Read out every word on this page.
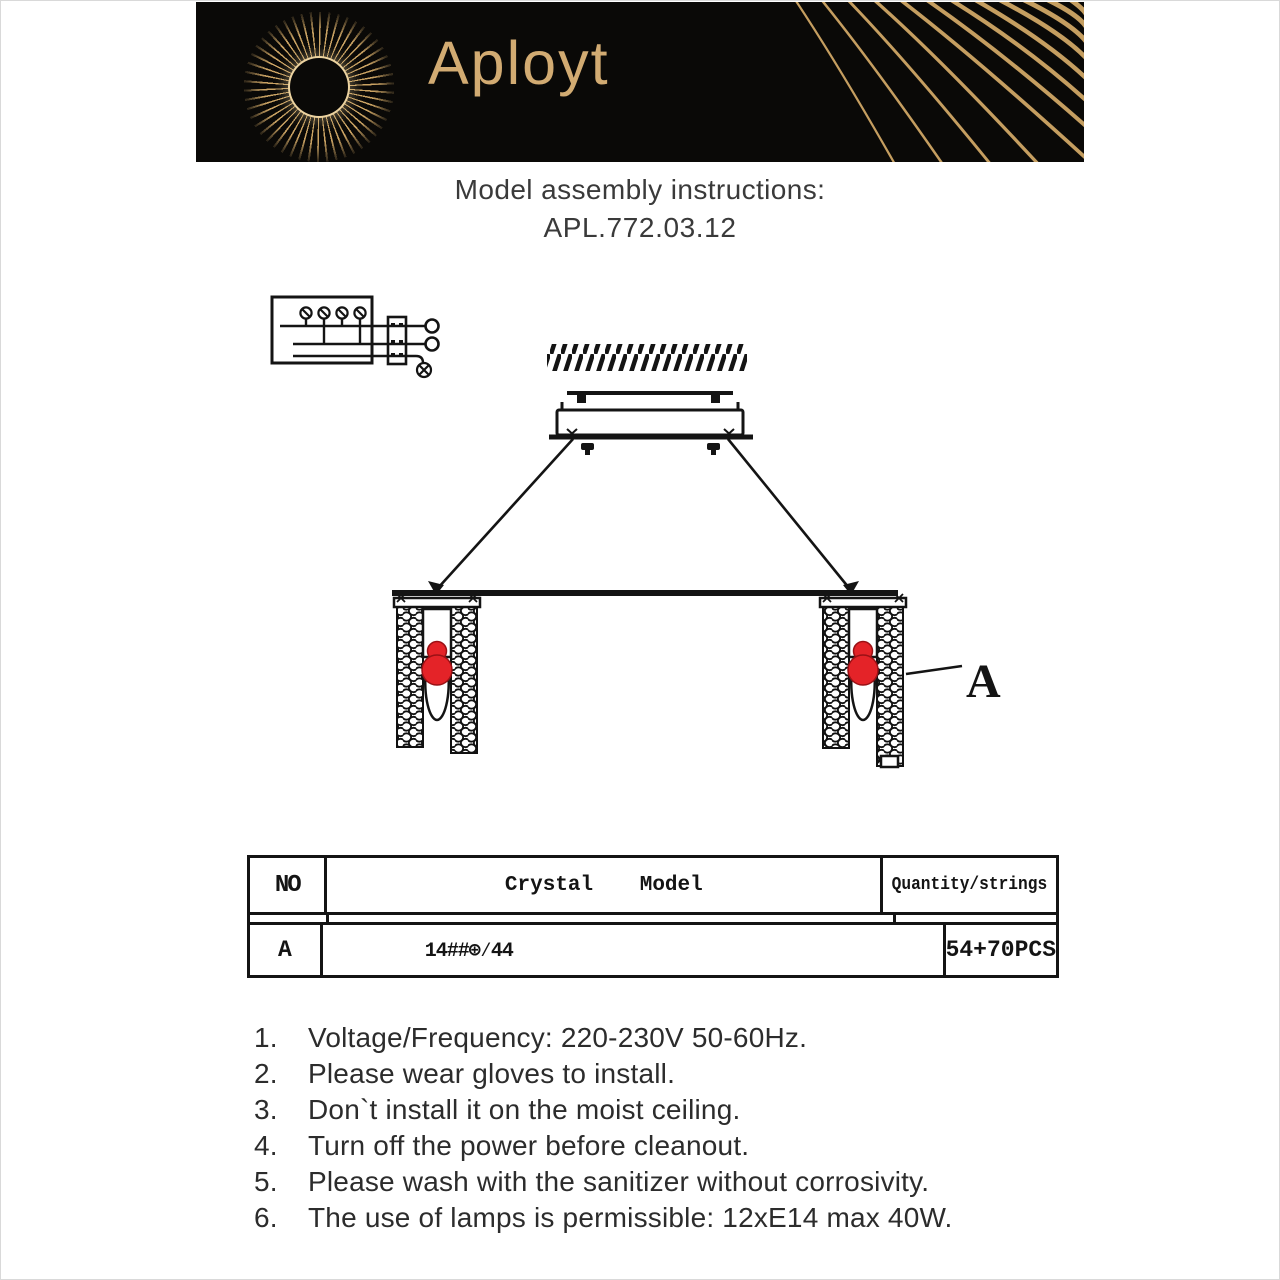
Aployt
Model assembly instructions:
APL.772.03.12
A
NO	Crystal Model	Quantity/strings
A	14##⊕⁄44	54+70PCS
1.	Voltage/Frequency: 220-230V 50-60Hz.
2.	Please wear gloves to install.
3.	Don`t install it on the moist ceiling.
4.	Turn off the power before cleanout.
5.	Please wash with the sanitizer without corrosivity.
6.	The use of lamps is permissible: 12xE14 max 40W.
